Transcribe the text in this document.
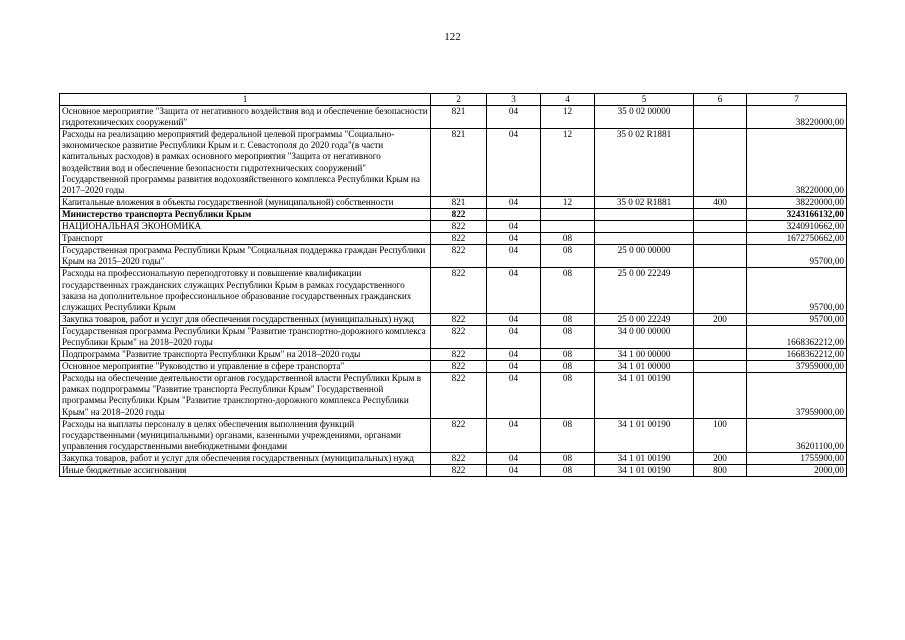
122
1	2	3	4	5	6	7
Основное мероприятие "Защита от негативного воздействия вод и обеспечение безопасности гидротехнических сооружений"	821	04	12	35 0 02 00000		38220000,00
Расходы на реализацию мероприятий федеральной целевой программы "Социально-экономическое развитие Республики Крым и г. Севастополя до 2020 года"(в части капитальных расходов) в рамках основного мероприятия "Защита от негативного воздействия вод и обеспечение безопасности гидротехнических сооружений" Государственной программы развития водохозяйственного комплекса Республики Крым на 2017–2020 годы	821	04	12	35 0 02 R1881		38220000,00
Капитальные вложения в объекты государственной (муниципальной) собственности	821	04	12	35 0 02 R1881	400	38220000,00
Министерство транспорта Республики Крым	822					3243166132,00
НАЦИОНАЛЬНАЯ ЭКОНОМИКА	822	04				3240910662,00
Транспорт	822	04	08			1672750662,00
Государственная программа Республики Крым "Социальная поддержка граждан Республики Крым на 2015–2020 годы"	822	04	08	25 0 00 00000		95700,00
Расходы на профессиональную переподготовку и повышение квалификации государственных гражданских служащих Республики Крым в рамках государственного заказа на дополнительное профессиональное образование государственных гражданских служащих Республики Крым	822	04	08	25 0 00 22249		95700,00
Закупка товаров, работ и услуг для обеспечения государственных (муниципальных) нужд	822	04	08	25 0 00 22249	200	95700,00
Государственная программа Республики Крым "Развитие транспортно-дорожного комплекса Республики Крым" на 2018–2020 годы	822	04	08	34 0 00 00000		1668362212,00
Подпрограмма "Развитие транспорта Республики Крым" на 2018–2020 годы	822	04	08	34 1 00 00000		1668362212,00
Основное мероприятие "Руководство и управление в сфере транспорта"	822	04	08	34 1 01 00000		37959000,00
Расходы на обеспечение деятельности органов государственной власти Республики Крым в рамках подпрограммы "Развитие транспорта Республики Крым" Государственной программы Республики Крым "Развитие транспортно-дорожного комплекса Республики Крым" на 2018–2020 годы	822	04	08	34 1 01 00190		37959000,00
Расходы на выплаты персоналу в целях обеспечения выполнения функций государственными (муниципальными) органами, казенными учреждениями, органами управления государственными внебюджетными фондами	822	04	08	34 1 01 00190	100	36201100,00
Закупка товаров, работ и услуг для обеспечения государственных (муниципальных) нужд	822	04	08	34 1 01 00190	200	1755900,00
Иные бюджетные ассигнования	822	04	08	34 1 01 00190	800	2000,00
